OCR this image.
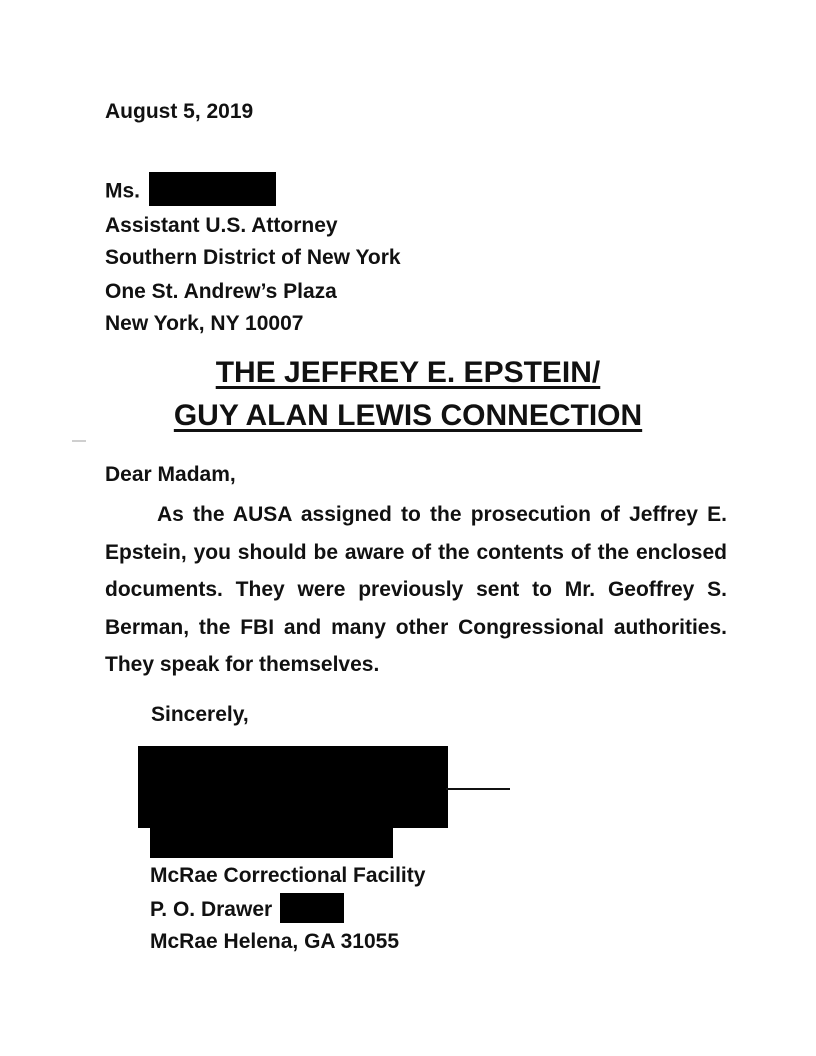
August 5, 2019
Ms.
Assistant U.S. Attorney
Southern District of New York
One St. Andrew’s Plaza
New York, NY 10007
THE JEFFREY E. EPSTEIN/
GUY ALAN LEWIS CONNECTION
Dear Madam,
As the AUSA assigned to the prosecution of Jeffrey E. Epstein, you should be aware of the contents of the enclosed documents. They were previously sent to Mr. Geoffrey S. Berman, the FBI and many other Congressional authorities. They speak for themselves.
Sincerely,
McRae Correctional Facility
P. O. Drawer
McRae Helena, GA 31055
